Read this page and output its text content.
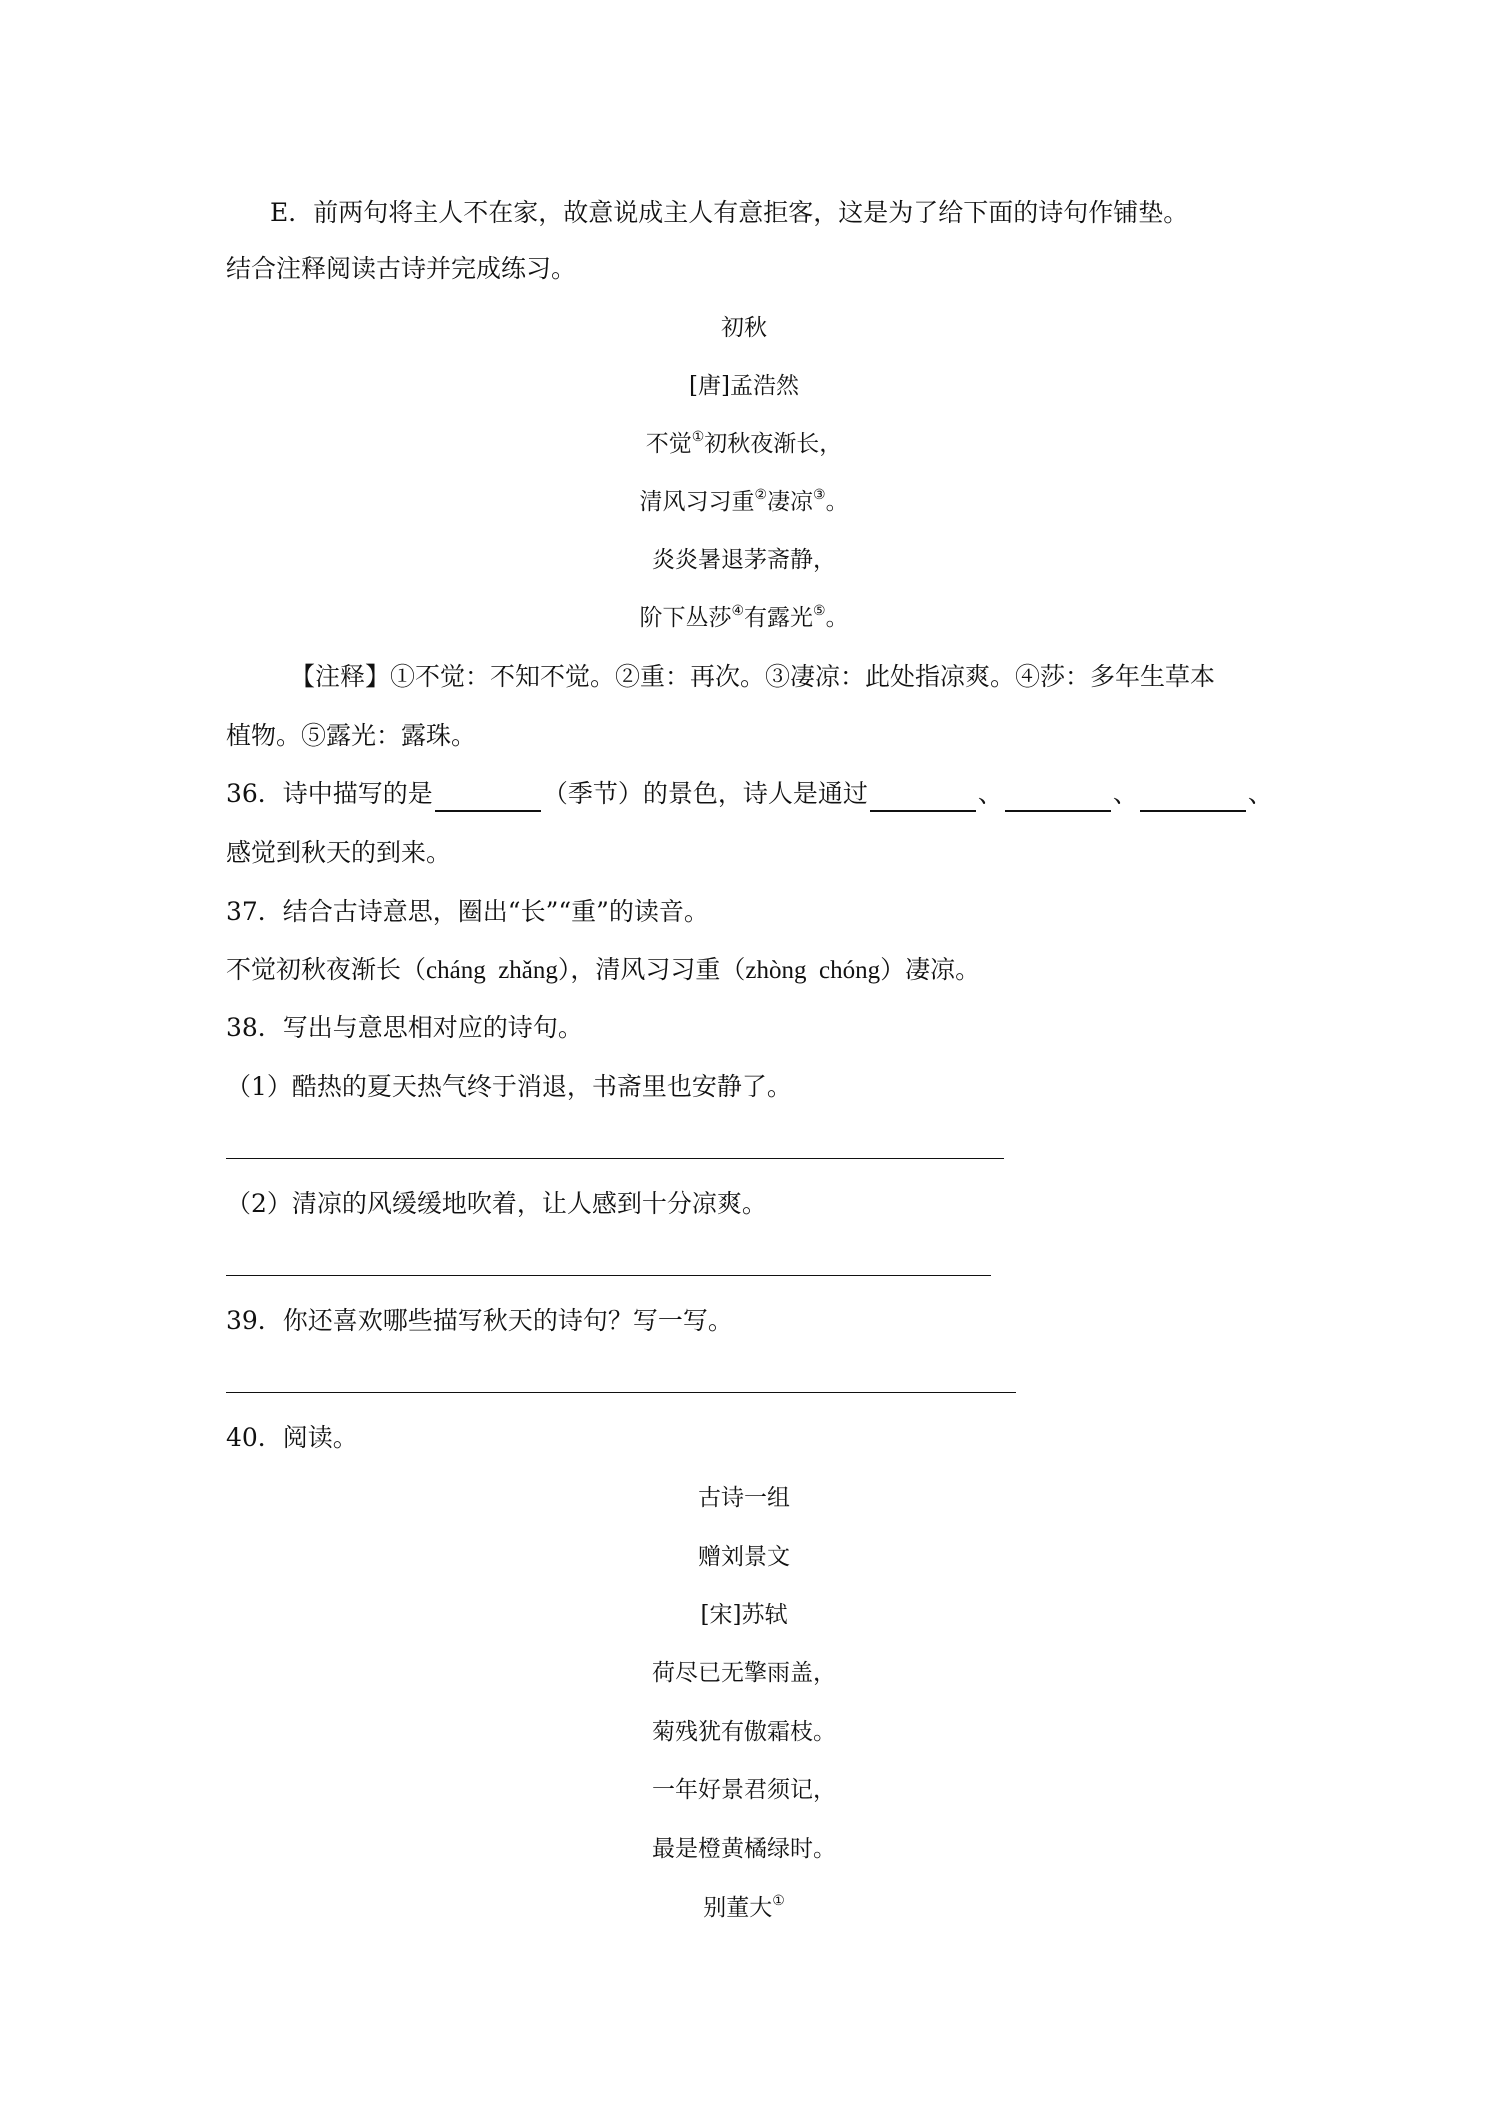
E．前两句将主人不在家，故意说成主人有意拒客，这是为了给下面的诗句作铺垫。
结合注释阅读古诗并完成练习。
初秋
[唐]孟浩然
不觉①初秋夜渐长，
清风习习重②凄凉③。
炎炎暑退茅斋静，
阶下丛莎④有露光⑤。
【注释】①不觉：不知不觉。②重：再次。③凄凉：此处指凉爽。④莎：多年生草本
植物。⑤露光：露珠。
36．诗中描写的是	（季节）的景色，诗人是通过	、	、	、
感觉到秋天的到来。
37．结合古诗意思，圈出“长”“重”的读音。
不觉初秋夜渐长（cháng  zhǎng），清风习习重（zhòng  chóng）凄凉。
38．写出与意思相对应的诗句。
（1）酷热的夏天热气终于消退，书斋里也安静了。
（2）清凉的风缓缓地吹着，让人感到十分凉爽。
39．你还喜欢哪些描写秋天的诗句？写一写。
40．阅读。
古诗一组
赠刘景文
[宋]苏轼
荷尽已无擎雨盖，
菊残犹有傲霜枝。
一年好景君须记，
最是橙黄橘绿时。
别董大①
